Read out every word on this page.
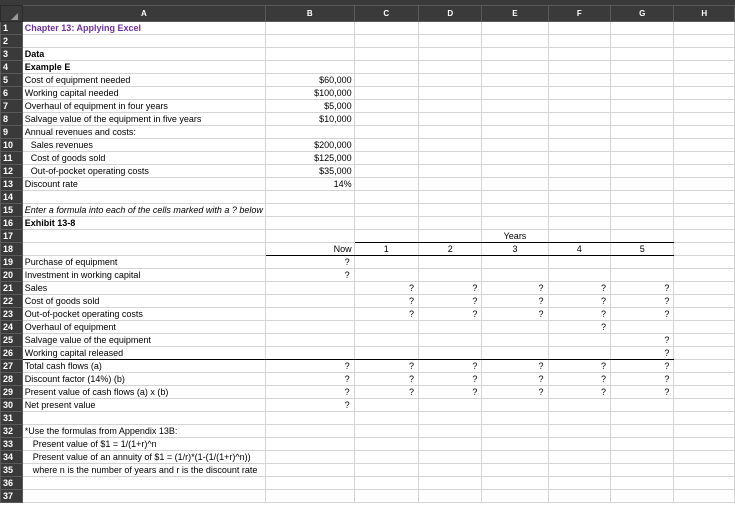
	A	B	C	D	E	F	G	H
1	Chapter 13: Applying Excel							
2								
3	Data							
4	Example E							
5	Cost of equipment needed	$60,000						
6	Working capital needed	$100,000						
7	Overhaul of equipment in four years	$5,000						
8	Salvage value of the equipment in five years	$10,000						
9	Annual revenues and costs:							
10	Sales revenues	$200,000						
11	Cost of goods sold	$125,000						
12	Out-of-pocket operating costs	$35,000						
13	Discount rate	14%						
14								
15	Enter a formula into each of the cells marked with a ? below							
16	Exhibit 13-8							
17					Years			
18		Now	1	2	3	4	5	
19	Purchase of equipment	?						
20	Investment in working capital	?						
21	Sales		?	?	?	?	?	
22	Cost of goods sold		?	?	?	?	?	
23	Out-of-pocket operating costs		?	?	?	?	?	
24	Overhaul of equipment					?		
25	Salvage value of the equipment						?	
26	Working capital released						?	
27	Total cash flows (a)	?	?	?	?	?	?	
28	Discount factor (14%) (b)	?	?	?	?	?	?	
29	Present value of cash flows (a) x (b)	?	?	?	?	?	?	
30	Net present value	?						
31								
32	*Use the formulas from Appendix 13B:							
33	Present value of $1 = 1/(1+r)^n							
34	Present value of an annuity of $1 = (1/r)*(1-(1/(1+r)^n))							
35	where n is the number of years and r is the discount rate							
36								
37								
